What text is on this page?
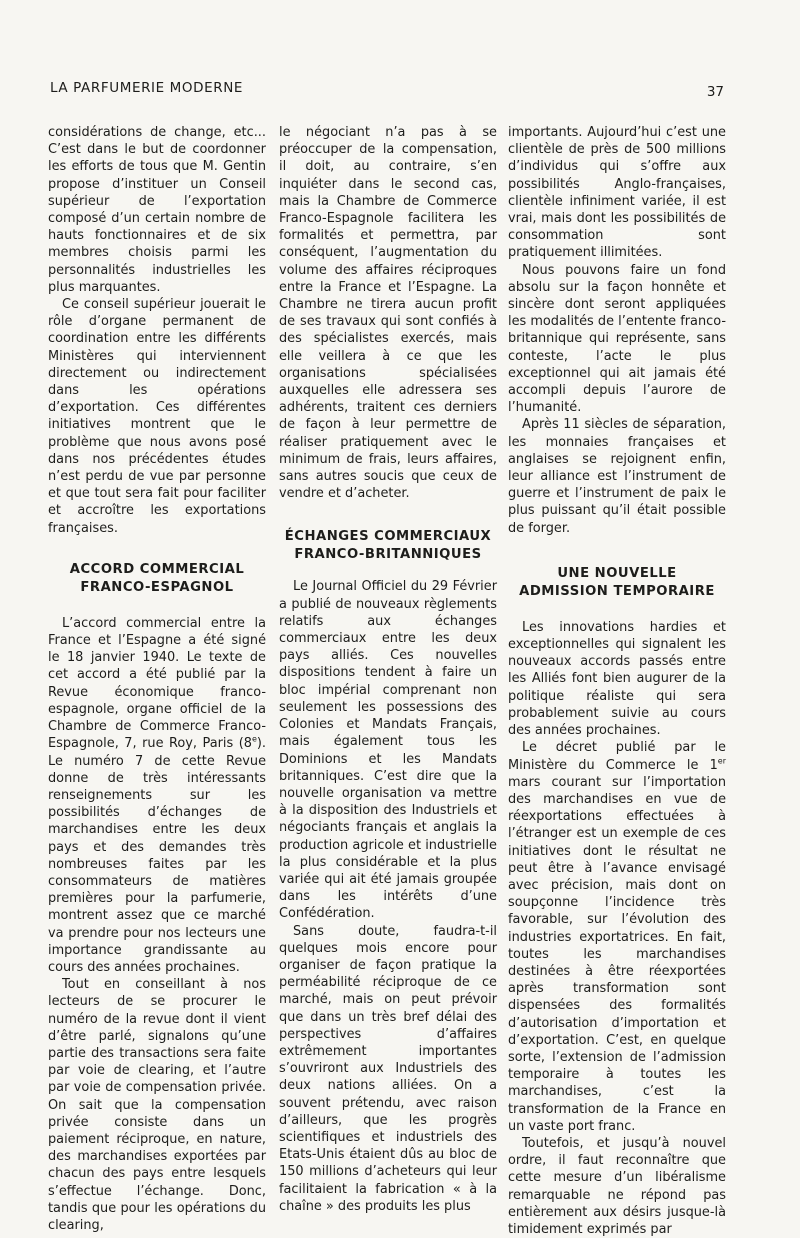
LA PARFUMERIE MODERNE	37

considérations de change, etc... C’est dans le but de coordonner les efforts de tous que M. Gentin propose d’instituer un Conseil supérieur de l’exportation composé d’un certain nombre de hauts fonctionnaires et de six membres choisis parmi les personnalités industrielles les plus marquantes.

Ce conseil supérieur jouerait le rôle d’organe permanent de coordination entre les différents Ministères qui interviennent directement ou indirectement dans les opérations d’exportation. Ces différentes initiatives montrent que le problème que nous avons posé dans nos précédentes études n’est perdu de vue par personne et que tout sera fait pour faciliter et accroître les exportations françaises.

ACCORD COMMERCIAL FRANCO-ESPAGNOL

L’accord commercial entre la France et l’Espagne a été signé le 18 janvier 1940. Le texte de cet accord a été publié par la Revue économique franco-espagnole, organe officiel de la Chambre de Commerce Franco-Espagnole, 7, rue Roy, Paris (8e). Le numéro 7 de cette Revue donne de très intéressants renseignements sur les possibilités d’échanges de marchandises entre les deux pays et des demandes très nombreuses faites par les consommateurs de matières premières pour la parfumerie, montrent assez que ce marché va prendre pour nos lecteurs une importance grandissante au cours des années prochaines.

Tout en conseillant à nos lecteurs de se procurer le numéro de la revue dont il vient d’être parlé, signalons qu’une partie des transactions sera faite par voie de clearing, et l’autre par voie de compensation privée. On sait que la compensation privée consiste dans un paiement réciproque, en nature, des marchandises exportées par chacun des pays entre lesquels s’effectue l’échange. Donc, tandis que pour les opérations du clearing,

le négociant n’a pas à se préoccuper de la compensation, il doit, au contraire, s’en inquiéter dans le second cas, mais la Chambre de Commerce Franco-Espagnole facilitera les formalités et permettra, par conséquent, l’augmentation du volume des affaires réciproques entre la France et l’Espagne. La Chambre ne tirera aucun profit de ses travaux qui sont confiés à des spécialistes exercés, mais elle veillera à ce que les organisations spécialisées auxquelles elle adressera ses adhérents, traitent ces derniers de façon à leur permettre de réaliser pratiquement avec le minimum de frais, leurs affaires, sans autres soucis que ceux de vendre et d’acheter.

ÉCHANGES COMMERCIAUX FRANCO-BRITANNIQUES

Le Journal Officiel du 29 Février a publié de nouveaux règlements relatifs aux échanges commerciaux entre les deux pays alliés. Ces nouvelles dispositions tendent à faire un bloc impérial comprenant non seulement les possessions des Colonies et Mandats Français, mais également tous les Dominions et les Mandats britanniques. C’est dire que la nouvelle organisation va mettre à la disposition des Industriels et négociants français et anglais la production agricole et industrielle la plus considérable et la plus variée qui ait été jamais groupée dans les intérêts d’une Confédération.

Sans doute, faudra-t-il quelques mois encore pour organiser de façon pratique la perméabilité réciproque de ce marché, mais on peut prévoir que dans un très bref délai des perspectives d’affaires extrêmement importantes s’ouvriront aux Industriels des deux nations alliées. On a souvent prétendu, avec raison d’ailleurs, que les progrès scientifiques et industriels des Etats-Unis étaient dûs au bloc de 150 millions d’acheteurs qui leur facilitaient la fabrication « à la chaîne » des produits les plus

importants. Aujourd’hui c’est une clientèle de près de 500 millions d’individus qui s’offre aux possibilités Anglo-françaises, clientèle infiniment variée, il est vrai, mais dont les possibilités de consommation sont pratiquement illimitées.

Nous pouvons faire un fond absolu sur la façon honnête et sincère dont seront appliquées les modalités de l’entente franco-britannique qui représente, sans conteste, l’acte le plus exceptionnel qui ait jamais été accompli depuis l’aurore de l’humanité.

Après 11 siècles de séparation, les monnaies françaises et anglaises se rejoignent enfin, leur alliance est l’instrument de guerre et l’instrument de paix le plus puissant qu’il était possible de forger.

UNE NOUVELLE ADMISSION TEMPORAIRE

Les innovations hardies et exceptionnelles qui signalent les nouveaux accords passés entre les Alliés font bien augurer de la politique réaliste qui sera probablement suivie au cours des années prochaines.

Le décret publié par le Ministère du Commerce le 1er mars courant sur l’importation des marchandises en vue de réexportations effectuées à l’étranger est un exemple de ces initiatives dont le résultat ne peut être à l’avance envisagé avec précision, mais dont on soupçonne l’incidence très favorable, sur l’évolution des industries exportatrices. En fait, toutes les marchandises destinées à être réexportées après transformation sont dispensées des formalités d’autorisation d’importation et d’exportation. C’est, en quelque sorte, l’extension de l’admission temporaire à toutes les marchandises, c’est la transformation de la France en un vaste port franc.

Toutefois, et jusqu’à nouvel ordre, il faut reconnaître que cette mesure d’un libéralisme remarquable ne répond pas entièrement aux désirs jusque-là timidement exprimés par
